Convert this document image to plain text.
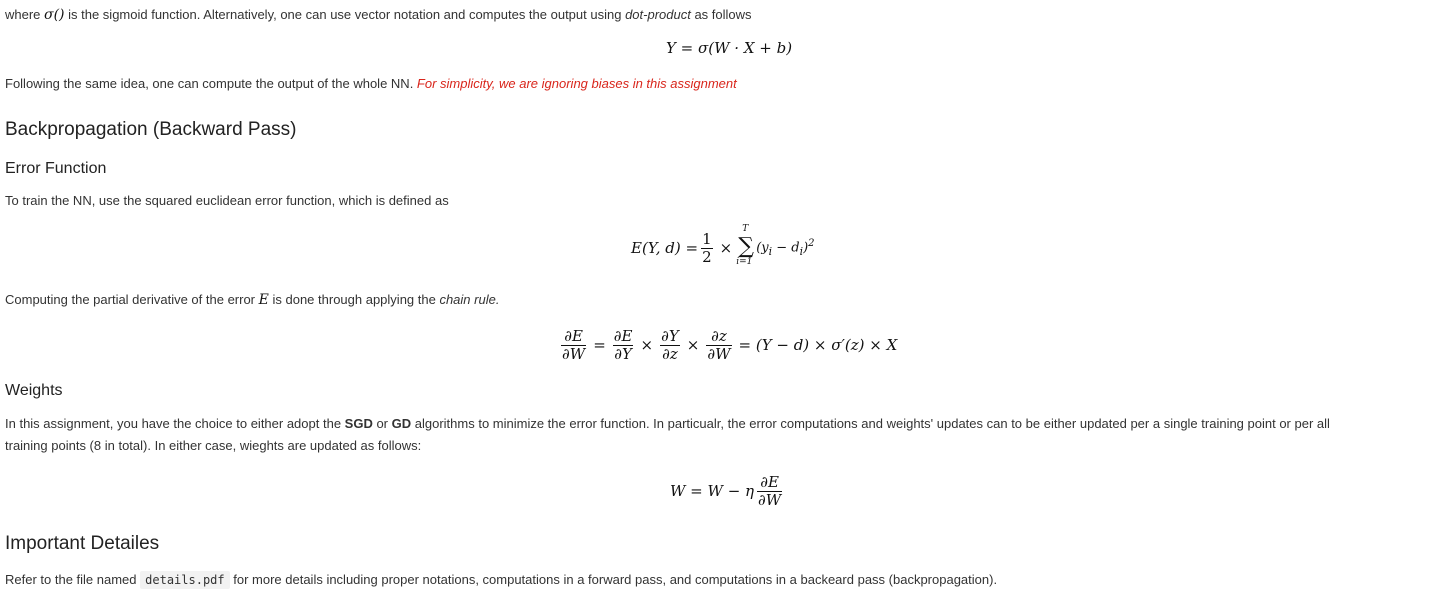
where σ() is the sigmoid function. Alternatively, one can use vector notation and computes the output using dot-product as follows
Y = σ(W · X + b)
Following the same idea, one can compute the output of the whole NN. For simplicity, we are ignoring biases in this assignment
Backpropagation (Backward Pass)
Error Function
To train the NN, use the squared euclidean error function, which is defined as
E(Y, $d) = \frac{1}{2}$ ×
T
∑
i=1
$(y_i - d_i)^2$
Computing the partial derivative of the error E is done through applying the chain rule.
$\frac{\partial E}{\partial W} = \frac{\partial E}{\partial Y} \times \frac{\partial Y}{\partial z} \times \frac{\partial z}{\partial W} = (Y - d) \times \sigma'(z) \times X$
Weights
In this assignment, you have the choice to either adopt the SGD or GD algorithms to minimize the error function. In particualr, the error computations and weights' updates can to be either updated per a single training point or per all
training points (8 in total). In either case, wieghts are updated as follows:
W = W − η $\frac{\partial E}{\partial W}$
Important Detailes
Refer to the file named details.pdf for more details including proper notations, computations in a forward pass, and computations in a backeard pass (backpropagation).
